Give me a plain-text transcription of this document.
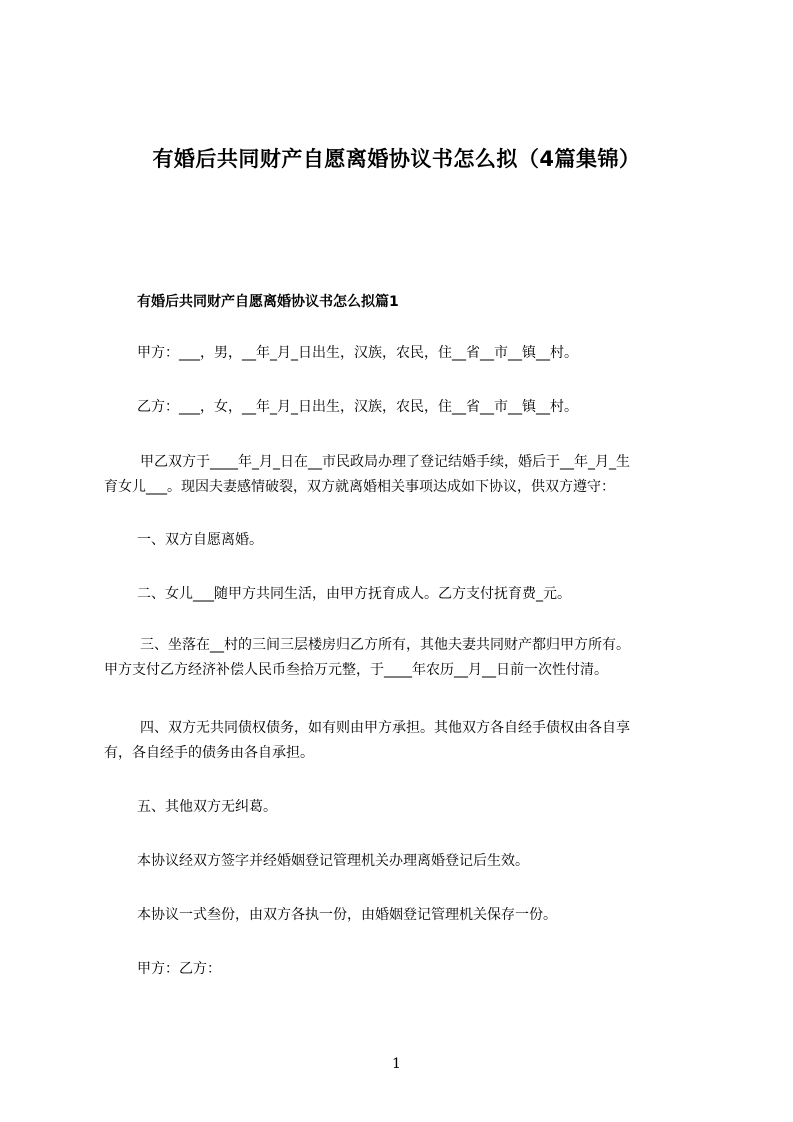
有婚后共同财产自愿离婚协议书怎么拟（4篇集锦）
有婚后共同财产自愿离婚协议书怎么拟篇1
甲方：___，男，__年_月_日出生，汉族，农民，住__省__市__镇__村。
乙方：___，女，__年_月_日出生，汉族，农民，住__省__市__镇__村。
甲乙双方于____年_月_日在__市民政局办理了登记结婚手续，婚后于__年_月_生
育女儿___。现因夫妻感情破裂，双方就离婚相关事项达成如下协议，供双方遵守：
一、双方自愿离婚。
二、女儿___随甲方共同生活，由甲方抚育成人。乙方支付抚育费_元。
三、坐落在__村的三间三层楼房归乙方所有，其他夫妻共同财产都归甲方所有。
甲方支付乙方经济补偿人民币叁拾万元整，于____年农历__月__日前一次性付清。
四、双方无共同债权债务，如有则由甲方承担。其他双方各自经手债权由各自享
有，各自经手的债务由各自承担。
五、其他双方无纠葛。
本协议经双方签字并经婚姻登记管理机关办理离婚登记后生效。
本协议一式叁份，由双方各执一份，由婚姻登记管理机关保存一份。
甲方：乙方：
1
